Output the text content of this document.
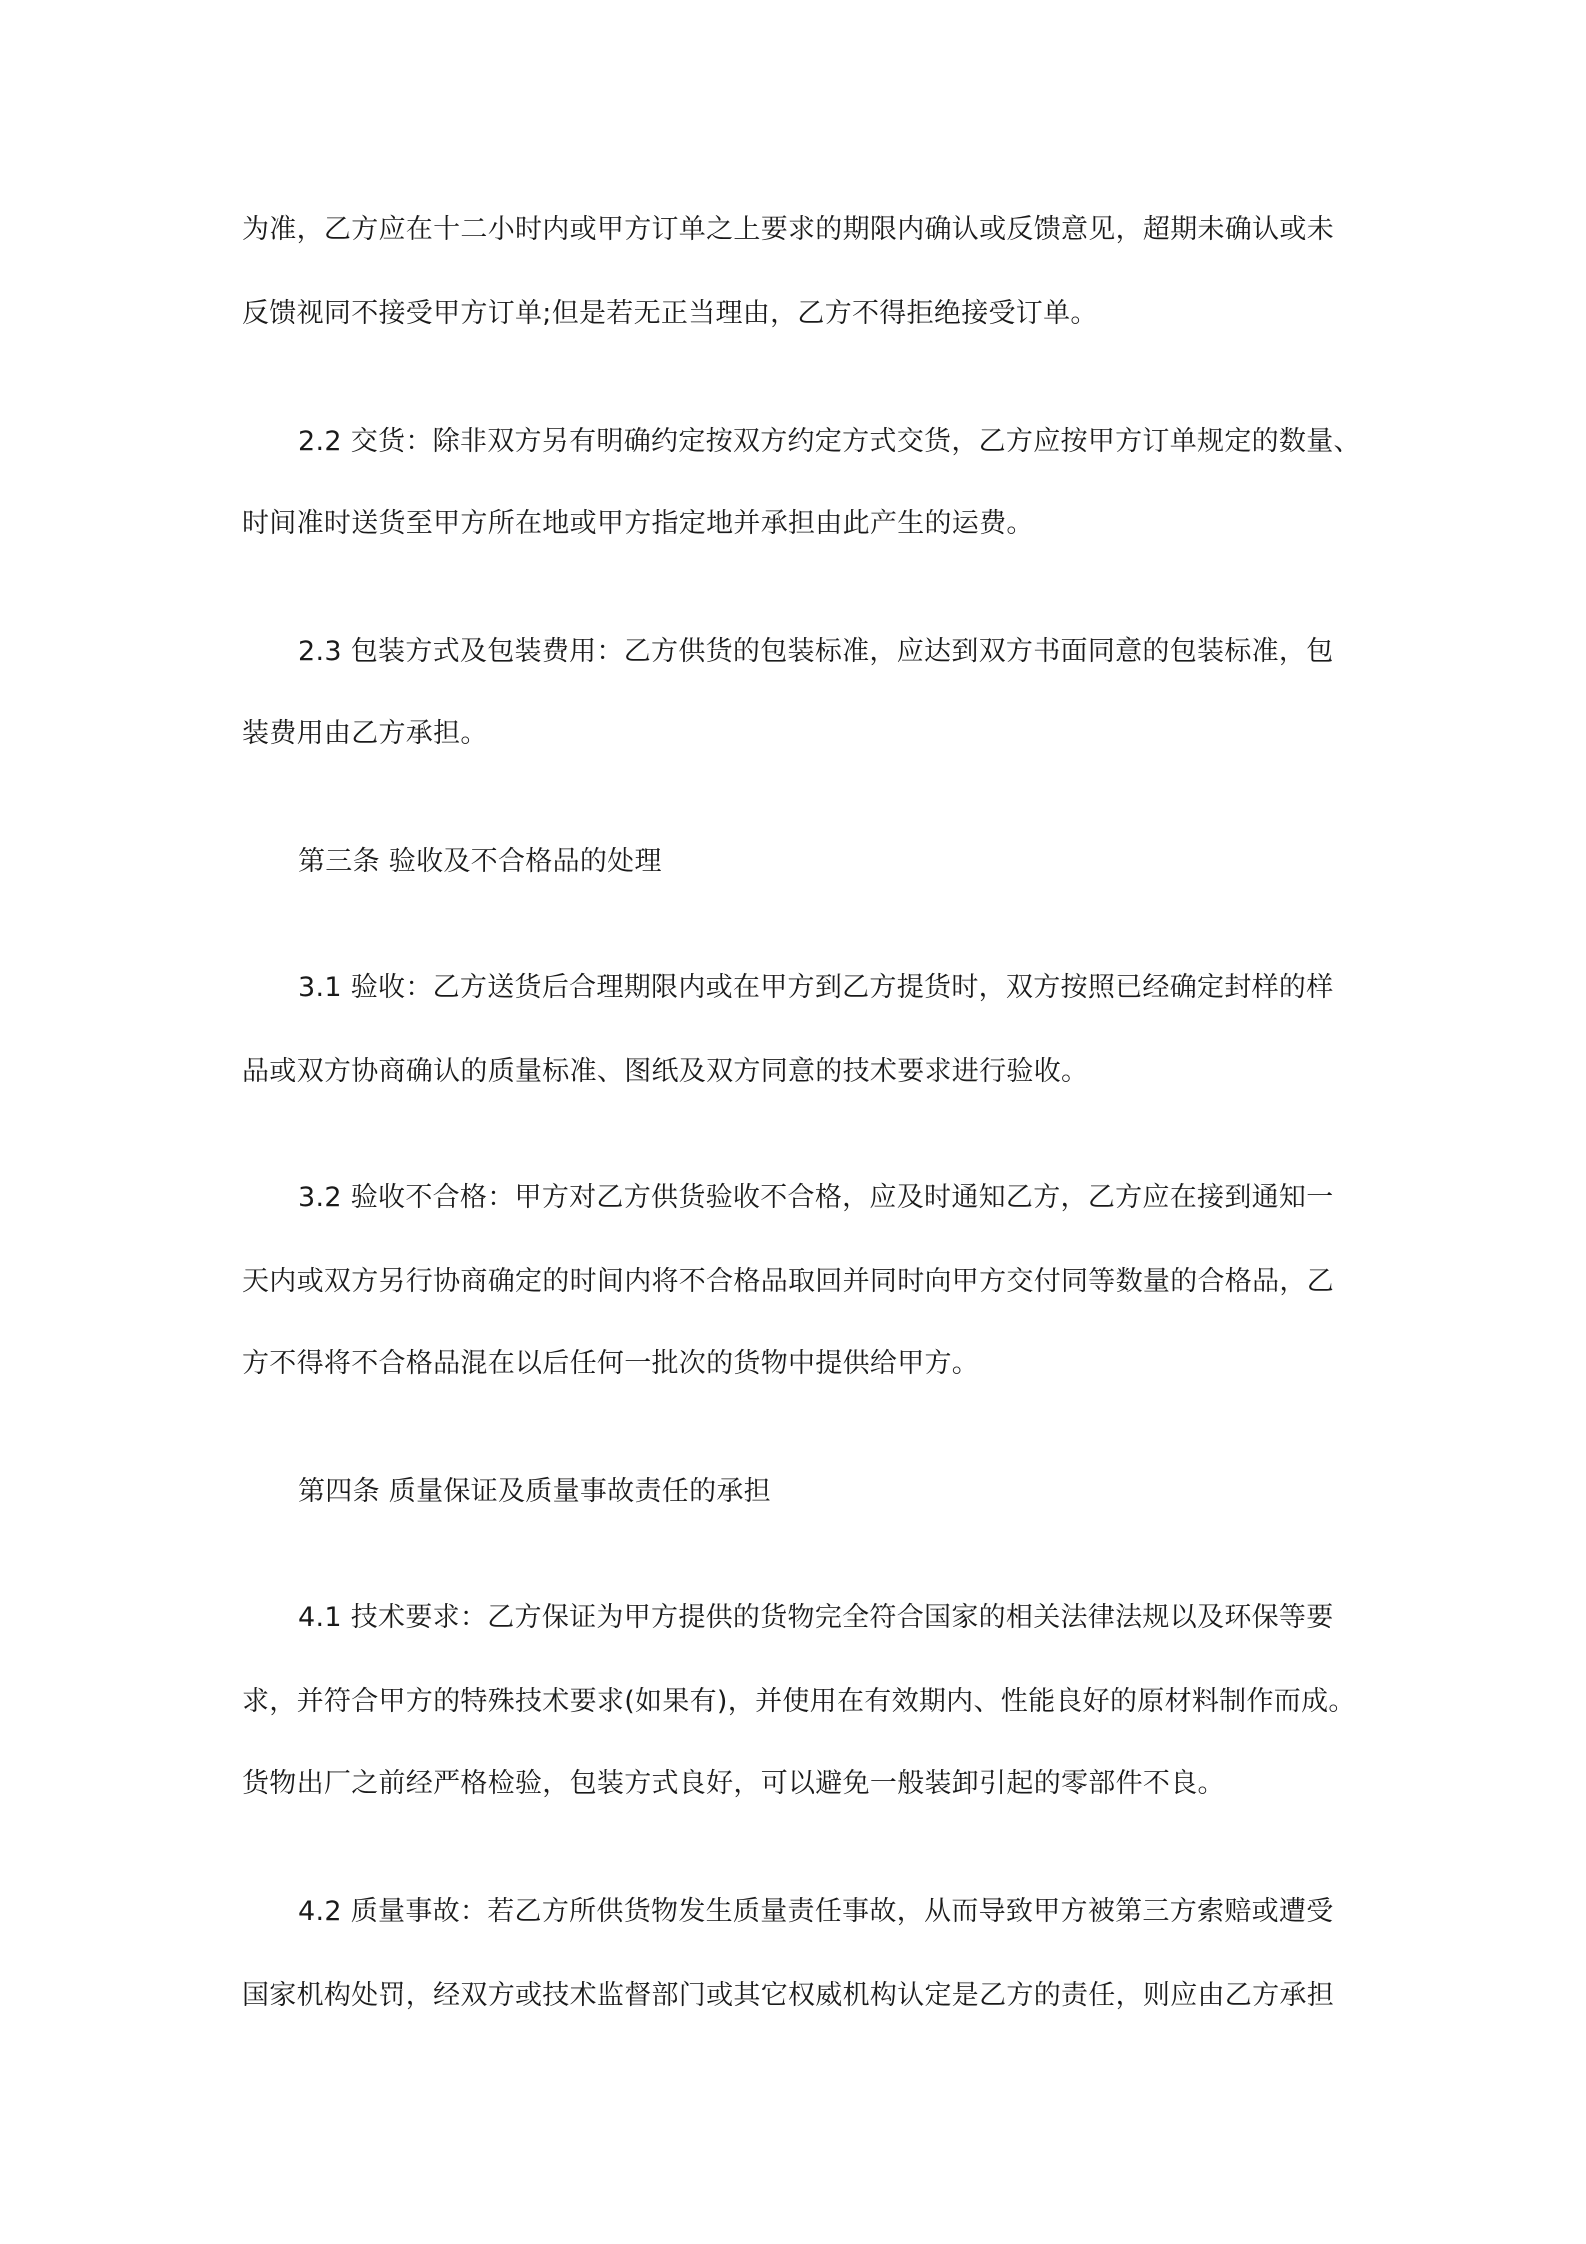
为准，乙方应在十二小时内或甲方订单之上要求的期限内确认或反馈意见，超期未确认或未
反馈视同不接受甲方订单;但是若无正当理由，乙方不得拒绝接受订单。
2.2 交货：除非双方另有明确约定按双方约定方式交货，乙方应按甲方订单规定的数量、
时间准时送货至甲方所在地或甲方指定地并承担由此产生的运费。
2.3 包装方式及包装费用：乙方供货的包装标准，应达到双方书面同意的包装标准，包
装费用由乙方承担。
第三条 验收及不合格品的处理
3.1 验收：乙方送货后合理期限内或在甲方到乙方提货时，双方按照已经确定封样的样
品或双方协商确认的质量标准、图纸及双方同意的技术要求进行验收。
3.2 验收不合格：甲方对乙方供货验收不合格，应及时通知乙方，乙方应在接到通知一
天内或双方另行协商确定的时间内将不合格品取回并同时向甲方交付同等数量的合格品，乙
方不得将不合格品混在以后任何一批次的货物中提供给甲方。
第四条 质量保证及质量事故责任的承担
4.1 技术要求：乙方保证为甲方提供的货物完全符合国家的相关法律法规以及环保等要
求，并符合甲方的特殊技术要求(如果有)，并使用在有效期内、性能良好的原材料制作而成。
货物出厂之前经严格检验，包装方式良好，可以避免一般装卸引起的零部件不良。
4.2 质量事故：若乙方所供货物发生质量责任事故，从而导致甲方被第三方索赔或遭受
国家机构处罚，经双方或技术监督部门或其它权威机构认定是乙方的责任，则应由乙方承担
